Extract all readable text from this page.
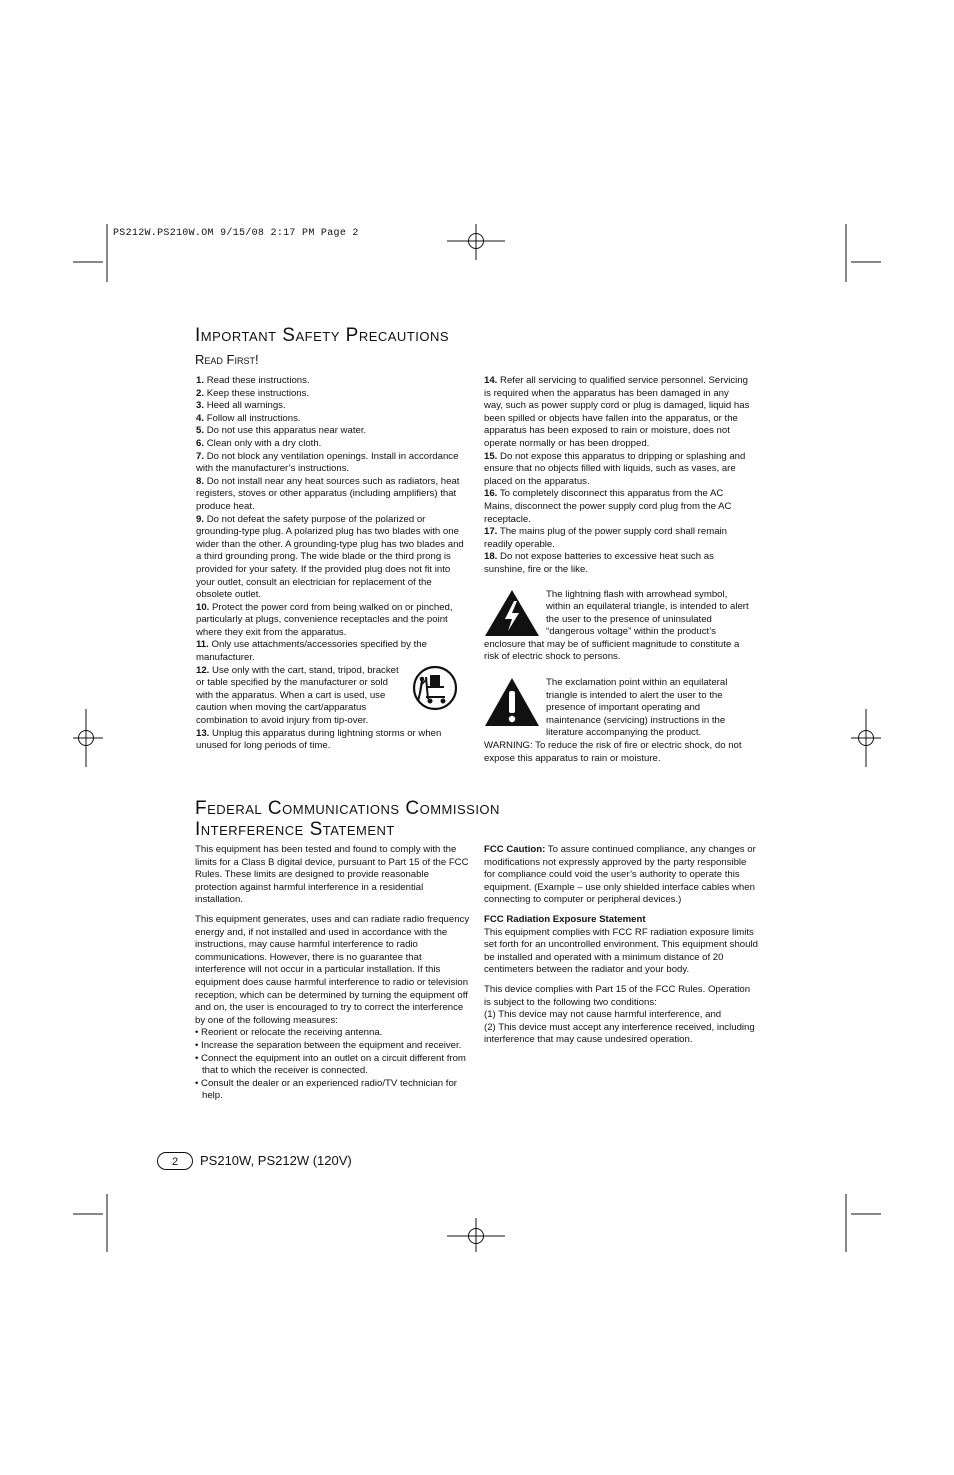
PS212W.PS210W.OM 9/15/08 2:17 PM Page 2
Important Safety Precautions
Read First!

1. Read these instructions.

2. Keep these instructions.

3. Heed all warnings.

4. Follow all instructions.

5. Do not use this apparatus near water.

6. Clean only with a dry cloth.

7. Do not block any ventilation openings. Install in accordance with the manufacturer’s instructions.

8. Do not install near any heat sources such as radiators, heat registers, stoves or other apparatus (including amplifiers) that produce heat.

9. Do not defeat the safety purpose of the polarized or grounding-type plug. A polarized plug has two blades with one wider than the other. A grounding-type plug has two blades and a third grounding prong. The wide blade or the third prong is provided for your safety. If the provided plug does not fit into your outlet, consult an electrician for replacement of the obsolete outlet.

10. Protect the power cord from being walked on or pinched, particularly at plugs, convenience receptacles and the point where they exit from the apparatus.

11. Only use attachments/accessories specified by the manufacturer.

12. Use only with the cart, stand, tripod, bracket or table specified by the manufacturer or sold with the apparatus. When a cart is used, use caution when moving the cart/apparatus combination to avoid injury from tip-over.

13. Unplug this apparatus during lightning storms or when unused for long periods of time.

14. Refer all servicing to qualified service personnel. Servicing is required when the apparatus has been damaged in any way, such as power supply cord or plug is damaged, liquid has been spilled or objects have fallen into the apparatus, or the apparatus has been exposed to rain or moisture, does not operate normally or has been dropped.

15. Do not expose this apparatus to dripping or splashing and ensure that no objects filled with liquids, such as vases, are placed on the apparatus.

16. To completely disconnect this apparatus from the AC Mains, disconnect the power supply cord plug from the AC receptacle.

17. The mains plug of the power supply cord shall remain readily operable.

18. Do not expose batteries to excessive heat such as sunshine, fire or the like.

The lightning flash with arrowhead symbol, within an equilateral triangle, is intended to alert the user to the presence of uninsulated “dangerous voltage” within the product’s enclosure that may be of sufficient magnitude to constitute a risk of electric shock to persons.

The exclamation point within an equilateral triangle is intended to alert the user to the presence of important operating and maintenance (servicing) instructions in the literature accompanying the product.

WARNING: To reduce the risk of fire or electric shock, do not expose this apparatus to rain or moisture.

Federal Communications Commission
Interference Statement

This equipment has been tested and found to comply with the limits for a Class B digital device, pursuant to Part 15 of the FCC Rules. These limits are designed to provide reasonable protection against harmful interference in a residential installation.

This equipment generates, uses and can radiate radio frequency energy and, if not installed and used in accordance with the instructions, may cause harmful interference to radio communications. However, there is no guarantee that interference will not occur in a particular installation. If this equipment does cause harmful interference to radio or television reception, which can be determined by turning the equipment off and on, the user is encouraged to try to correct the interference by one of the following measures:

• Reorient or relocate the receiving antenna.
• Increase the separation between the equipment and receiver.
• Connect the equipment into an outlet on a circuit different from that to which the receiver is connected.
• Consult the dealer or an experienced radio/TV technician for help.

FCC Caution: To assure continued compliance, any changes or modifications not expressly approved by the party responsible for compliance could void the user’s authority to operate this equipment. (Example – use only shielded interface cables when connecting to computer or peripheral devices.)

FCC Radiation Exposure Statement

This equipment complies with FCC RF radiation exposure limits set forth for an uncontrolled environment. This equipment should be installed and operated with a minimum distance of 20 centimeters between the radiator and your body.

This device complies with Part 15 of the FCC Rules. Operation is subject to the following two conditions:

(1) This device may not cause harmful interference, and

(2) This device must accept any interference received, including interference that may cause undesired operation.

2	PS210W, PS212W (120V)
